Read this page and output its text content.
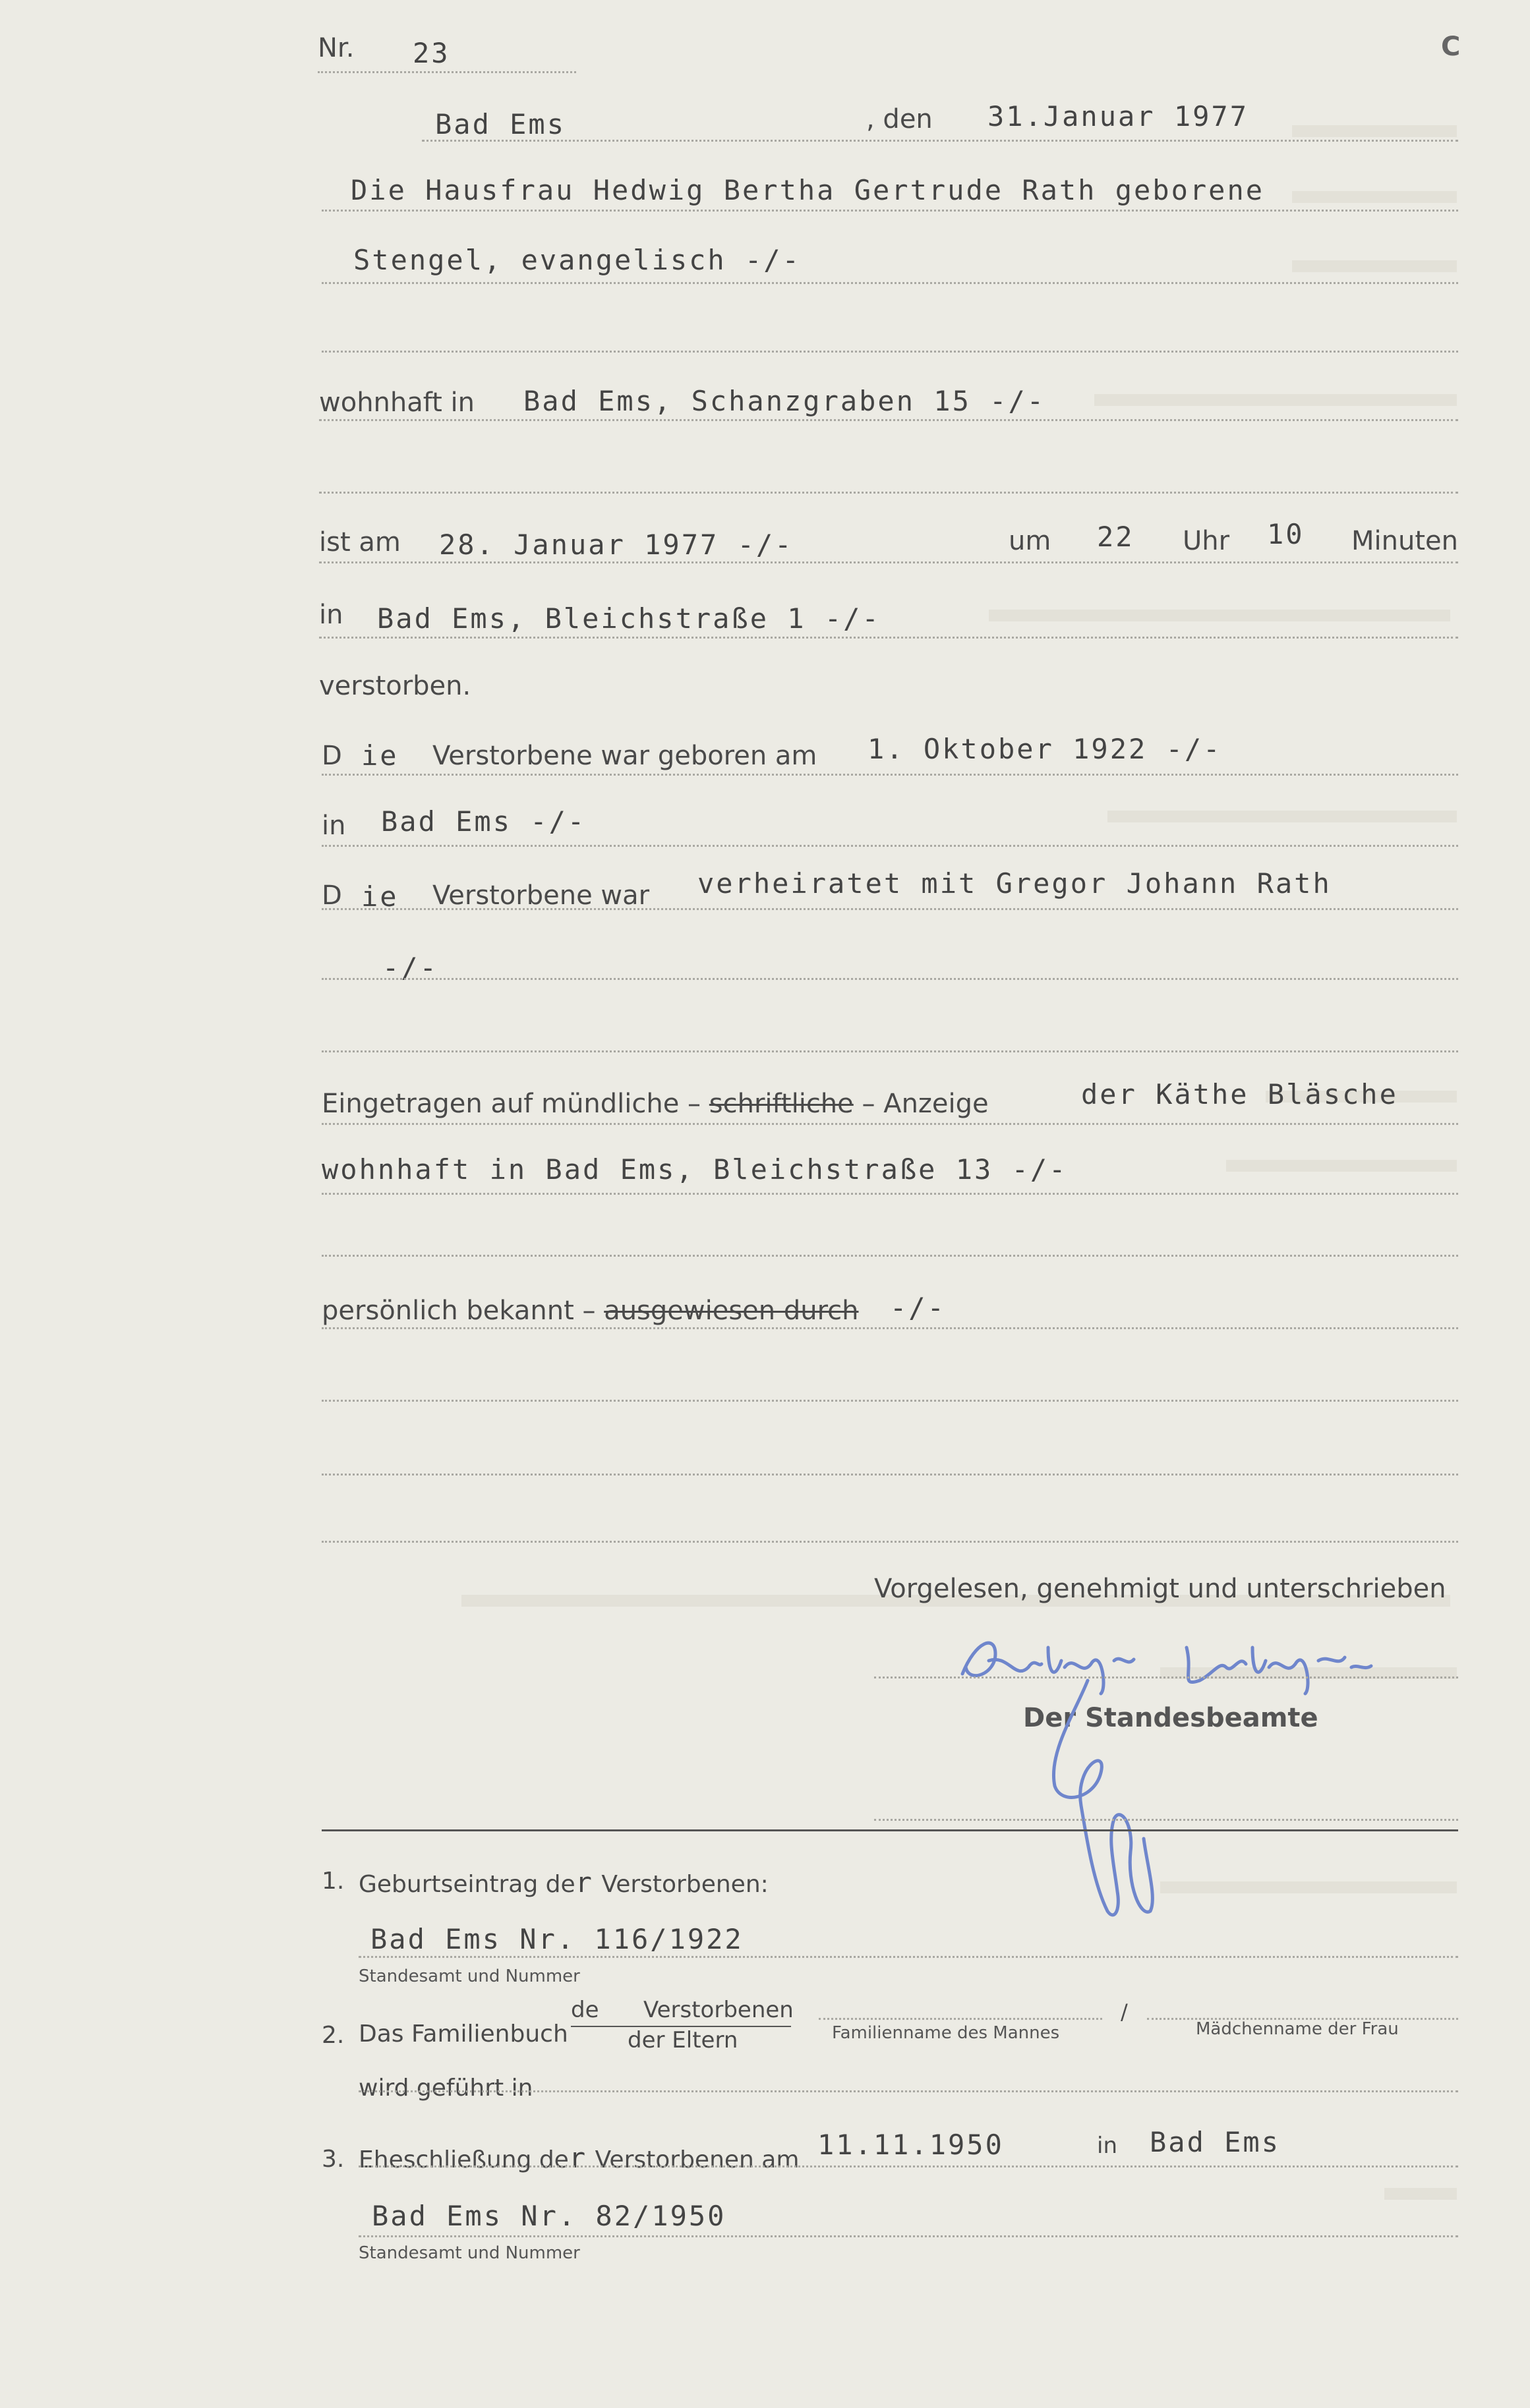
Nr. 23	C
Bad Ems	, den 31.Januar 1977
Die Hausfrau Hedwig Bertha Gertrude Rath geborene
Stengel, evangelisch -/-
wohnhaft in Bad Ems, Schanzgraben 15 -/-
ist am 28. Januar 1977 -/-	um 22 Uhr 10 Minuten
in Bad Ems, Bleichstraße 1 -/-
verstorben.
D ie Verstorbene war geboren am 1. Oktober 1922 -/-
in Bad Ems -/-
D ie Verstorbene war verheiratet mit Gregor Johann Rath
-/-
Eingetragen auf mündliche – schriftliche – Anzeige	der Käthe Bläsche
wohnhaft in Bad Ems, Bleichstraße 13 -/-
persönlich bekannt – ausgewiesen durch -/-
Vorgelesen, genehmigt und unterschrieben
Der Standesbeamte
1. Geburtseintrag der Verstorbenen:
Bad Ems Nr. 116/1922
Standesamt und Nummer
2. Das Familienbuch
de Verstorbenen
der Eltern	Familienname des Mannes
/
Mädchenname der Frau
wird geführt in
3. Eheschließung der Verstorbenen am 11.11.1950	in Bad Ems
Bad Ems Nr. 82/1950
Standesamt und Nummer
